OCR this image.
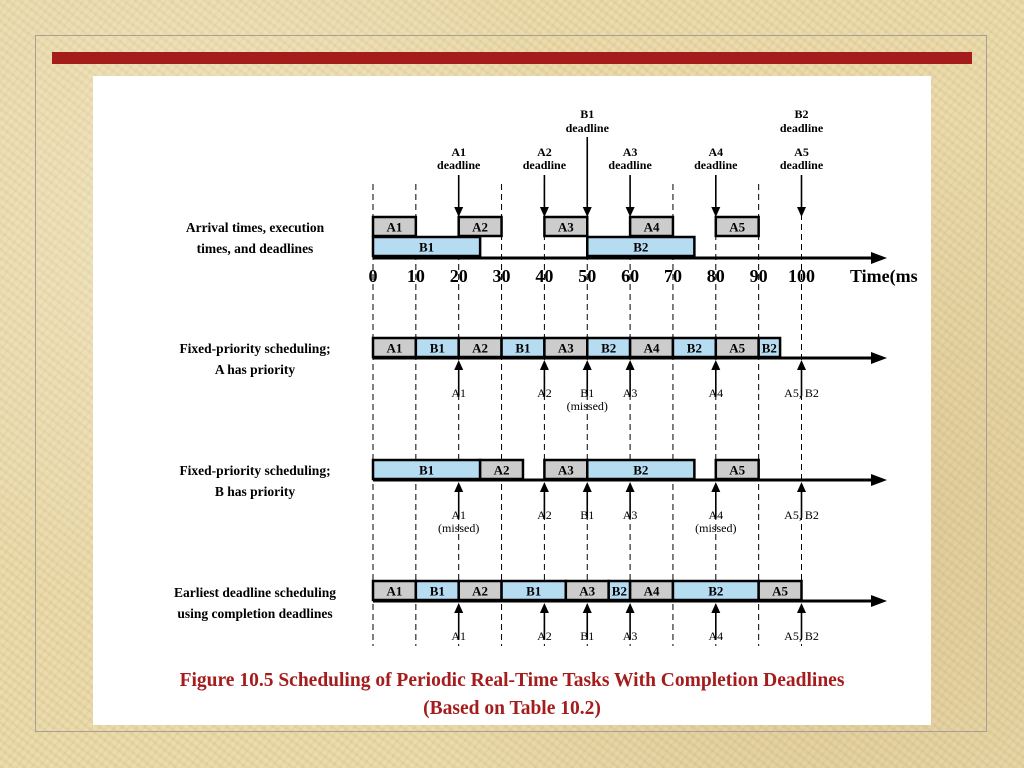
A1
deadline
A2
deadline
A3
deadline
A4
deadline
A5
deadline
B1
deadline
B2
deadline
Arrival times, execution
times, and deadlines
A1	A2	A3	A4	A5
B1	B2
0 10 20 30 40 50 60 70 80 90 100 Time(ms
Fixed-priority scheduling;
A has priority
A1 B1 A2 B1 A3 B2 A4 B2 A5 B2
A1	A2 B1
(missed)
A3	A4	A5, B2
Fixed-priority scheduling;
B has priority
B1	A2	A3	B2	A5
A1
(missed)
A2 B1 A3	A4
(missed)
A5, B2
Earliest deadline scheduling
using completion deadlines
A1 B1 A2	B1	A3 B2 A4	B2	A5
A1	A2 B1 A3	A4	A5, B2
Figure 10.5 Scheduling of Periodic Real-Time Tasks With Completion Deadlines
(Based on Table 10.2)
